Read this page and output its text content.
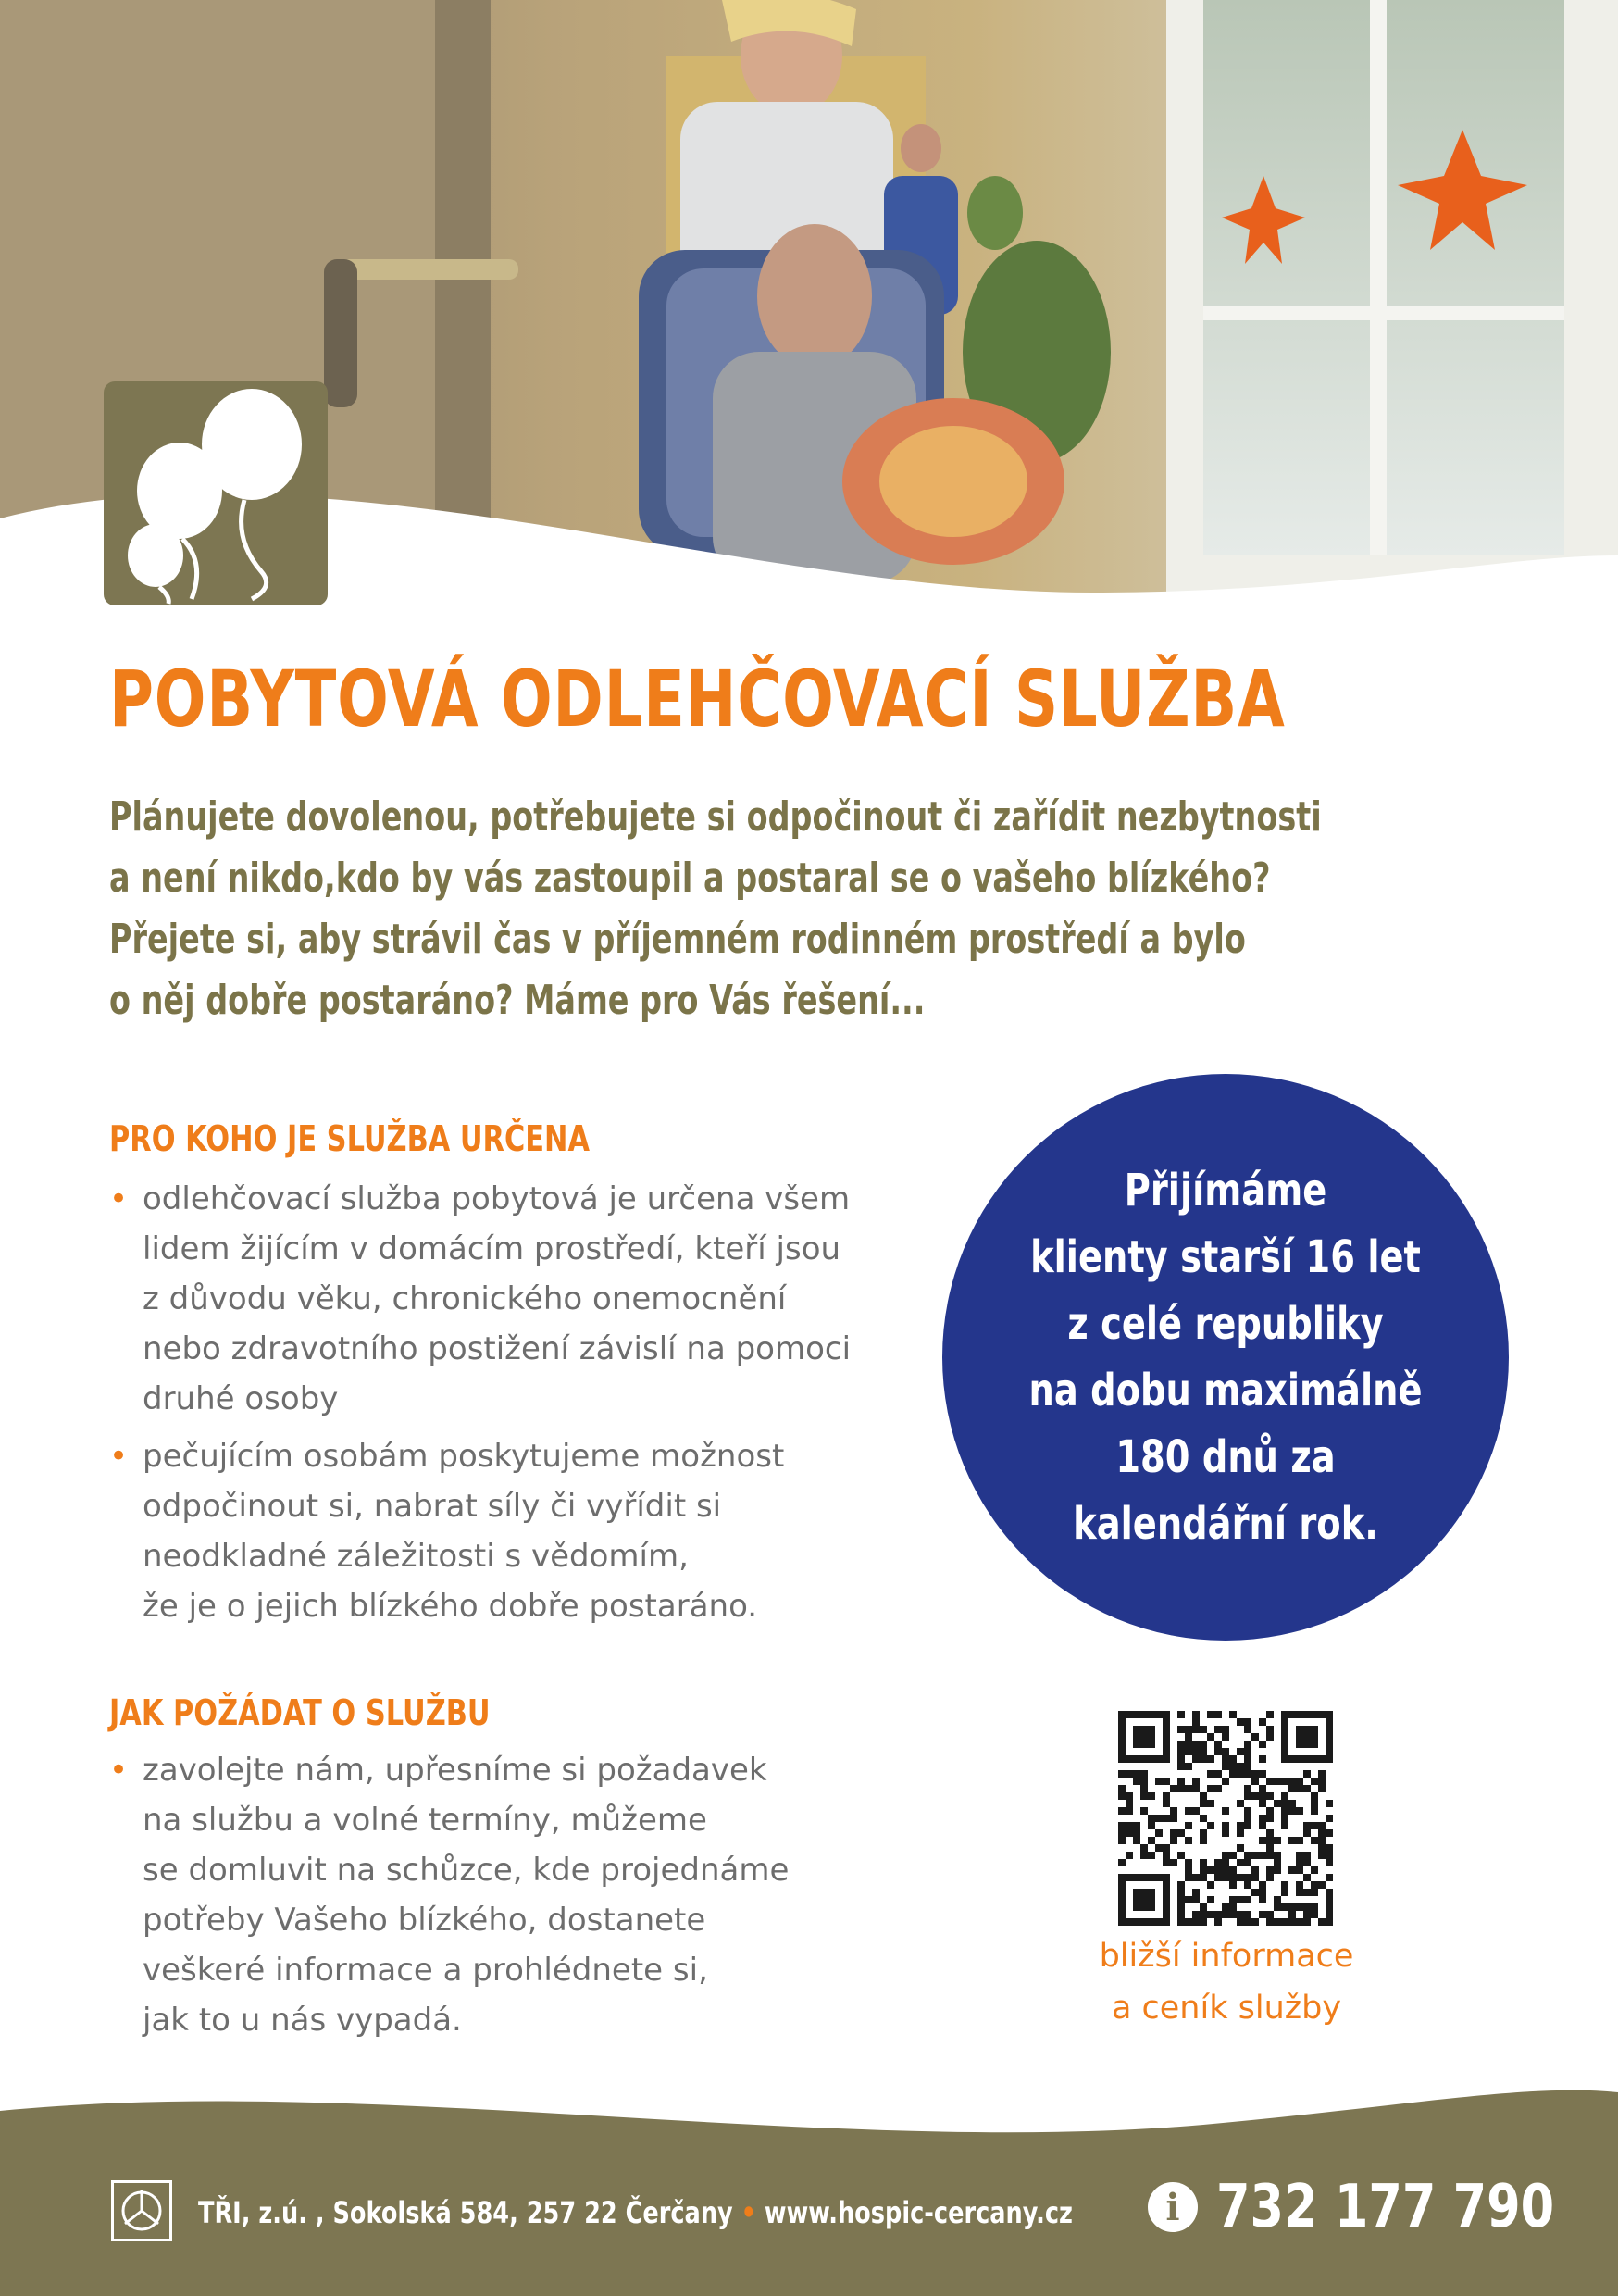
POBYTOVÁ ODLEHČOVACÍ SLUŽBA

Plánujete dovolenou, potřebujete si odpočinout či zařídit nezbytnosti
a není nikdo,kdo by vás zastoupil a postaral se o vašeho blízkého?
Přejete si, aby strávil čas v příjemném rodinném prostředí a bylo
o něj dobře postaráno? Máme pro Vás řešení...

PRO KOHO JE SLUŽBA URČENA
• odlehčovací služba pobytová je určena všem
lidem žijícím v domácím prostředí, kteří jsou
z důvodu věku, chronického onemocnění
nebo zdravotního postižení závislí na pomoci
druhé osoby
• pečujícím osobám poskytujeme možnost
odpočinout si, nabrat síly či vyřídit si
neodkladné záležitosti s vědomím,
že je o jejich blízkého dobře postaráno.
JAK POŽÁDAT O SLUŽBU
• zavolejte nám, upřesníme si požadavek
na službu a volné termíny, můžeme
se domluvit na schůzce, kde projednáme
potřeby Vašeho blízkého, dostanete
veškeré informace a prohlédnete si,
jak to u nás vypadá.
Přijímáme
klienty starší 16 let
z celé republiky
na dobu maximálně
180 dnů za
kalendářní rok.
bližší informace
a ceník služby

TŘI, z.ú. , Sokolská 584, 257 22 Čerčany • www.hospic-cercany.cz	i 732 177 790
